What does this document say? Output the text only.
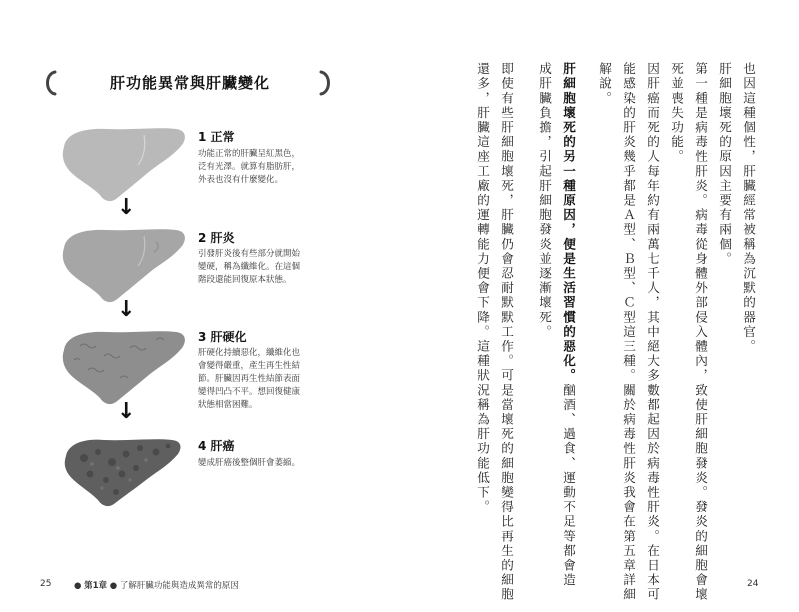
肝功能異常與肝臟變化
1 正常
功能正常的肝臟呈紅黑色，
泛有光澤。就算有脂肪肝，
外表也沒有什麼變化。
↓
2 肝炎
引發肝炎後有些部分就開始
變硬，稱為纖維化。在這個
階段還能回復原本狀態。
↓
3 肝硬化
肝硬化持續惡化，纖維化也
會變得嚴重，產生再生性結
節。肝臟因再生性結節表面
變得凹凸不平。想回復健康
狀態相當困難。
↓
4 肝癌
變成肝癌後整個肝會萎縮。
25	● 第1章 ● 了解肝臟功能與造成異常的原因
也因這種個性，肝臟經常被稱為沉默的器官。
肝細胞壞死的原因主要有兩個。
第一種是病毒性肝炎。病毒從身體外部侵入體內，致使肝細胞發炎。發炎的細胞會壞
死並喪失功能。
因肝癌而死的人每年約有兩萬七千人，其中絕大多數都起因於病毒性肝炎。在日本可
能感染的肝炎幾乎都是Ａ型、Ｂ型、Ｃ型這三種。關於病毒性肝炎我會在第五章詳細
解說。
肝細胞壞死的另一種原因，便是生活習慣的惡化。酗酒、過食、運動不足等都會造
成肝臟負擔，引起肝細胞發炎並逐漸壞死。
即使有些肝細胞壞死，肝臟仍會忍耐默默工作。可是當壞死的細胞變得比再生的細胞
還多，肝臟這座工廠的運轉能力便會下降。這種狀況稱為肝功能低下。
24
